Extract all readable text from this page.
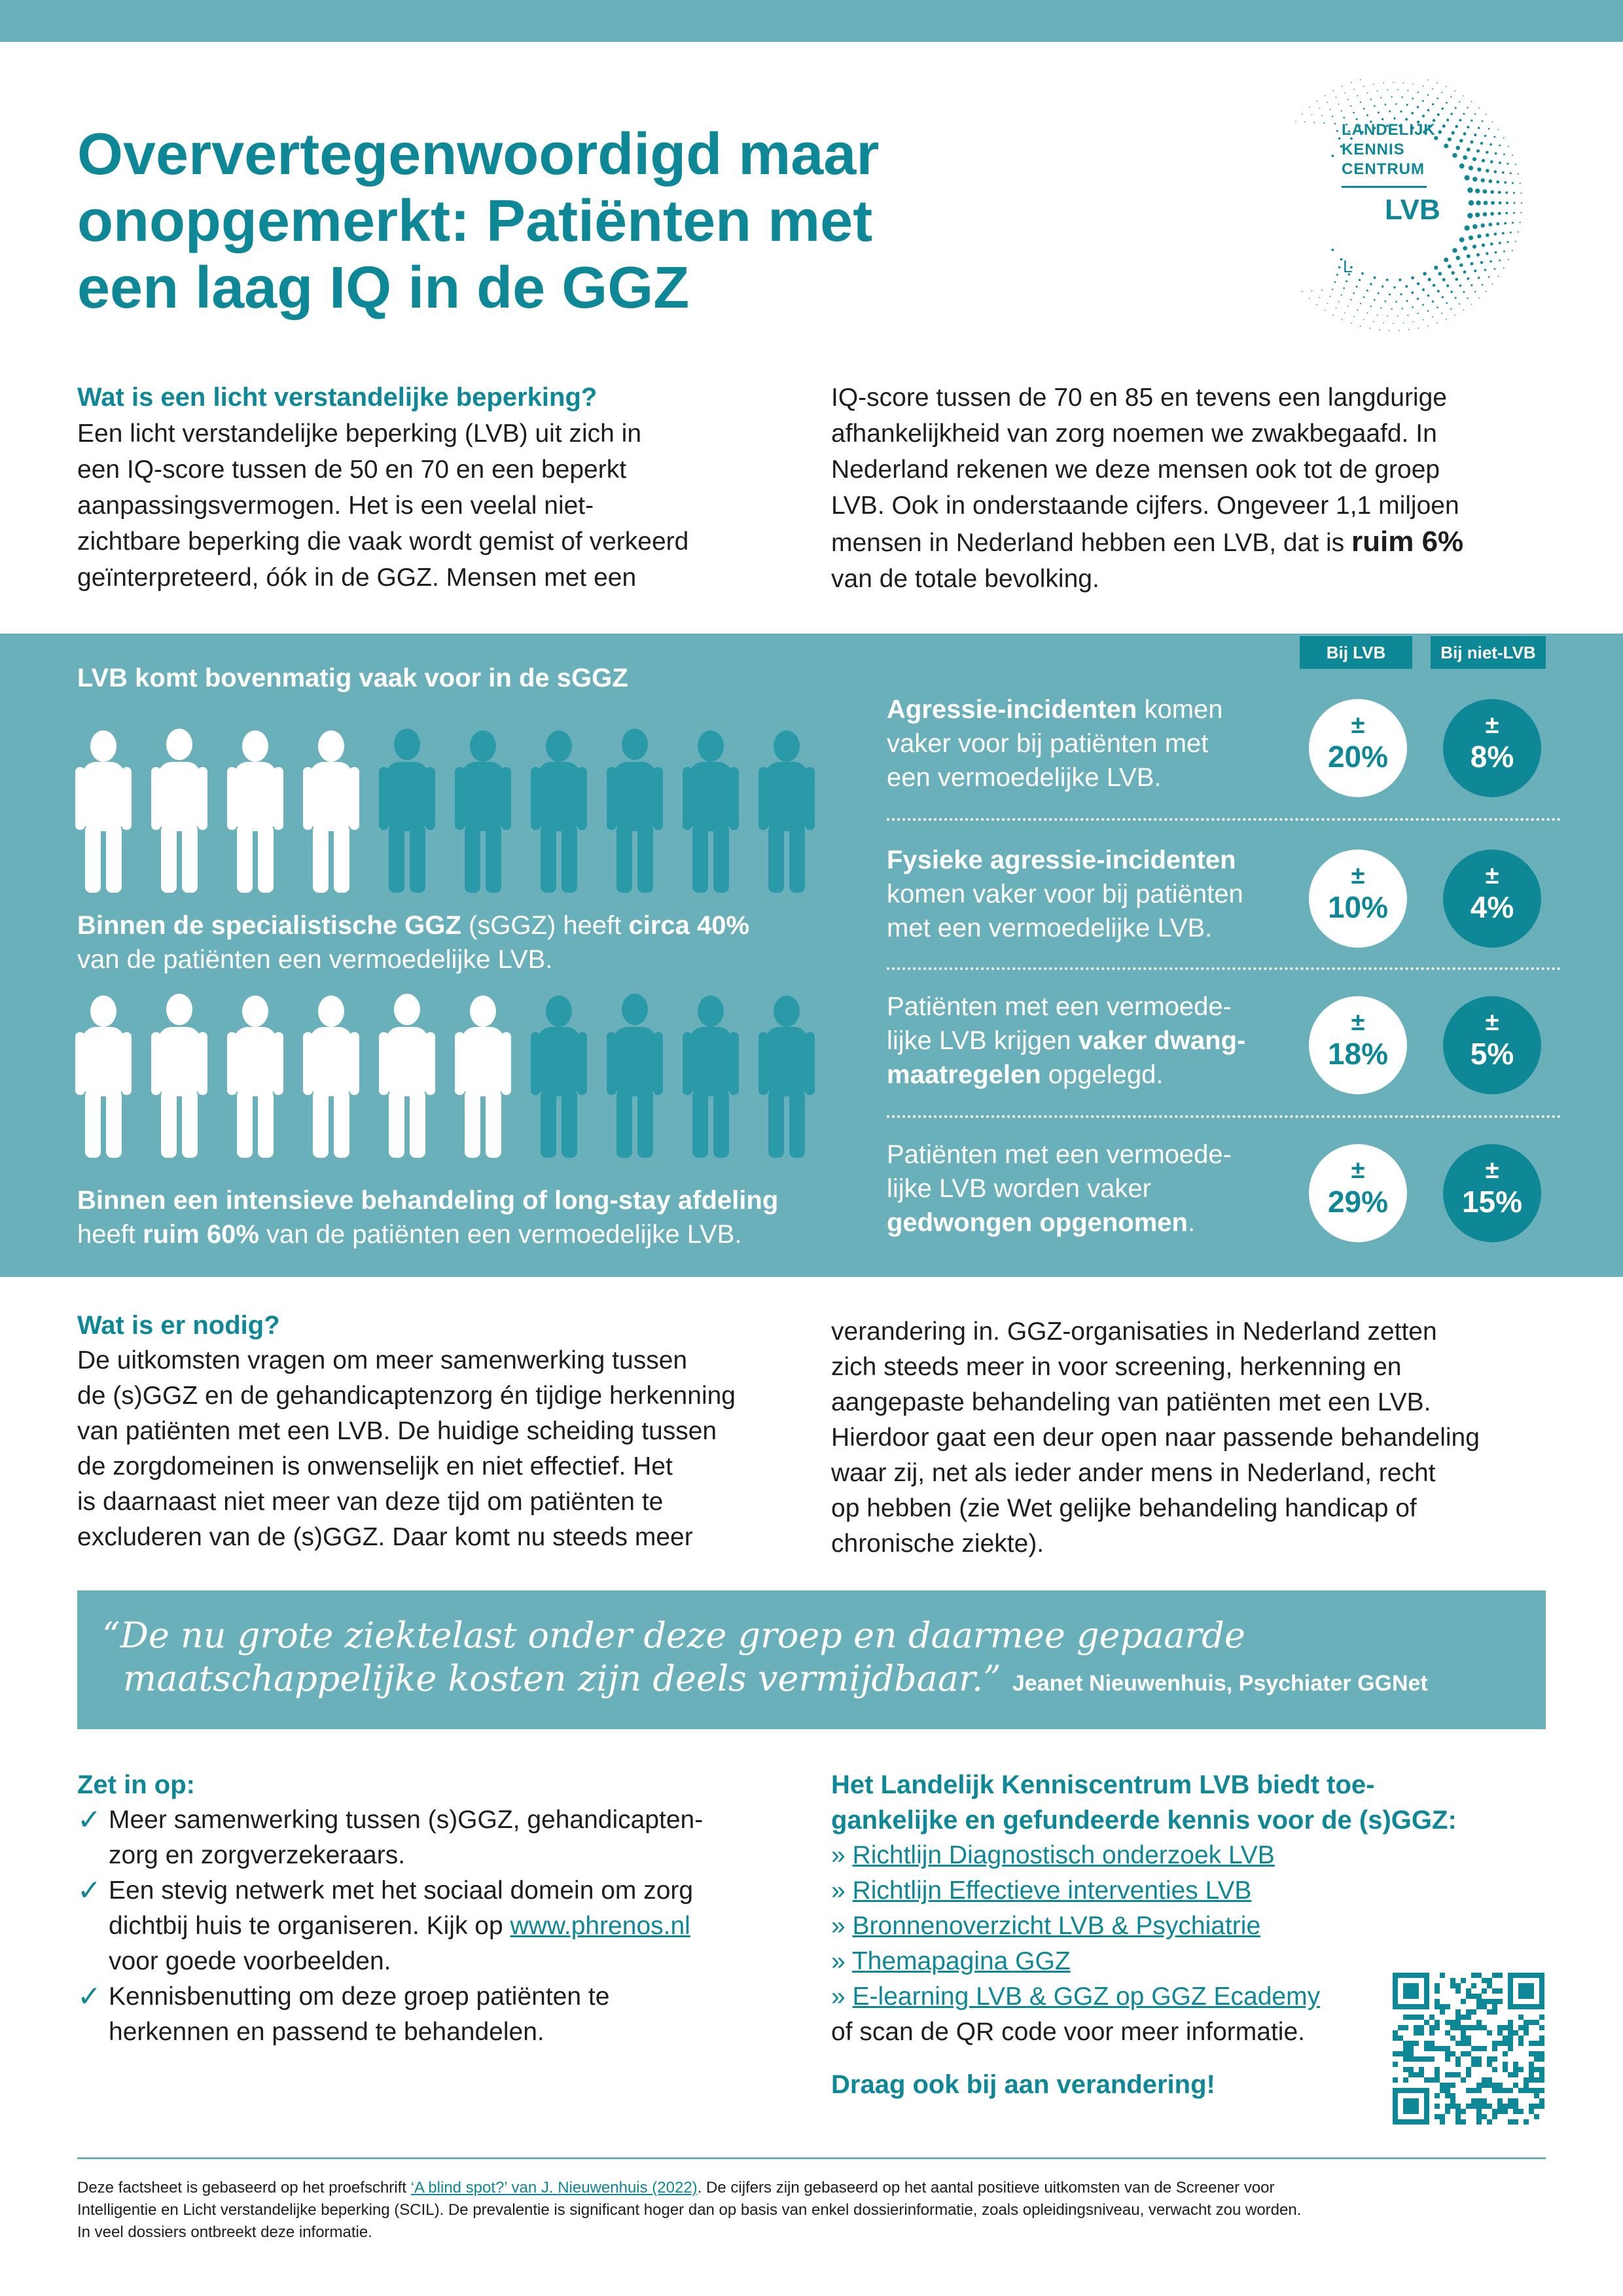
Oververtegenwoordigd maar
onopgemerkt: Patiënten met
een laag IQ in de GGZ
LANDELIJK
KENNIS
CENTRUM
LVB
L
Wat is een licht verstandelijke beperking?
Een licht verstandelijke beperking (LVB) uit zich in
een IQ-score tussen de 50 en 70 en een beperkt
aanpassingsvermogen. Het is een veelal niet-
zichtbare beperking die vaak wordt gemist of verkeerd
geïnterpreteerd, óók in de GGZ. Mensen met een
IQ-score tussen de 70 en 85 en tevens een langdurige
afhankelijkheid van zorg noemen we zwakbegaafd. In
Nederland rekenen we deze mensen ook tot de groep
LVB. Ook in onderstaande cijfers. Ongeveer 1,1 miljoen
mensen in Nederland hebben een LVB, dat is ruim 6%
van de totale bevolking.
LVB komt bovenmatig vaak voor in de sGGZ
Binnen de specialistische GGZ (sGGZ) heeft circa 40%
van de patiënten een vermoedelijke LVB.
Binnen een intensieve behandeling of long-stay afdeling
heeft ruim 60% van de patiënten een vermoedelijke LVB.
Bij LVB	Bij niet-LVB
Agressie-incidenten komen
vaker voor bij patiënten met
een vermoedelijke LVB.
±
20%
±
8%
Fysieke agressie-incidenten
komen vaker voor bij patiënten
met een vermoedelijke LVB.
±
10%
±
4%
Patiënten met een vermoede-
lijke LVB krijgen vaker dwang-
maatregelen opgelegd.
±
18%
±
5%
Patiënten met een vermoede-
lijke LVB worden vaker
gedwongen opgenomen.
±
29%
±
15%
Wat is er nodig?
De uitkomsten vragen om meer samenwerking tussen
de (s)GGZ en de gehandicaptenzorg én tijdige herkenning
van patiënten met een LVB. De huidige scheiding tussen
de zorgdomeinen is onwenselijk en niet effectief. Het
is daarnaast niet meer van deze tijd om patiënten te
excluderen van de (s)GGZ. Daar komt nu steeds meer
verandering in. GGZ-organisaties in Nederland zetten
zich steeds meer in voor screening, herkenning en
aangepaste behandeling van patiënten met een LVB.
Hierdoor gaat een deur open naar passende behandeling
waar zij, net als ieder ander mens in Nederland, recht
op hebben (zie Wet gelijke behandeling handicap of
chronische ziekte).
“De nu grote ziektelast onder deze groep en daarmee gepaarde
maatschappelijke kosten zijn deels vermijdbaar.” Jeanet Nieuwenhuis, Psychiater GGNet
Zet in op:
✓ Meer samenwerking tussen (s)GGZ, gehandicapten-
zorg en zorgverzekeraars.
✓ Een stevig netwerk met het sociaal domein om zorg
dichtbij huis te organiseren. Kijk op www.phrenos.nl
voor goede voorbeelden.
✓ Kennisbenutting om deze groep patiënten te
herkennen en passend te behandelen.
Het Landelijk Kenniscentrum LVB biedt toe-
gankelijke en gefundeerde kennis voor de (s)GGZ:
» Richtlijn Diagnostisch onderzoek LVB
» Richtlijn Effectieve interventies LVB
» Bronnenoverzicht LVB & Psychiatrie
» Themapagina GGZ
» E-learning LVB & GGZ op GGZ Ecademy
of scan de QR code voor meer informatie.
Draag ook bij aan verandering!
Deze factsheet is gebaseerd op het proefschrift ‘A blind spot?’ van J. Nieuwenhuis (2022). De cijfers zijn gebaseerd op het aantal positieve uitkomsten van de Screener voor
Intelligentie en Licht verstandelijke beperking (SCIL). De prevalentie is significant hoger dan op basis van enkel dossierinformatie, zoals opleidingsniveau, verwacht zou worden.
In veel dossiers ontbreekt deze informatie.
